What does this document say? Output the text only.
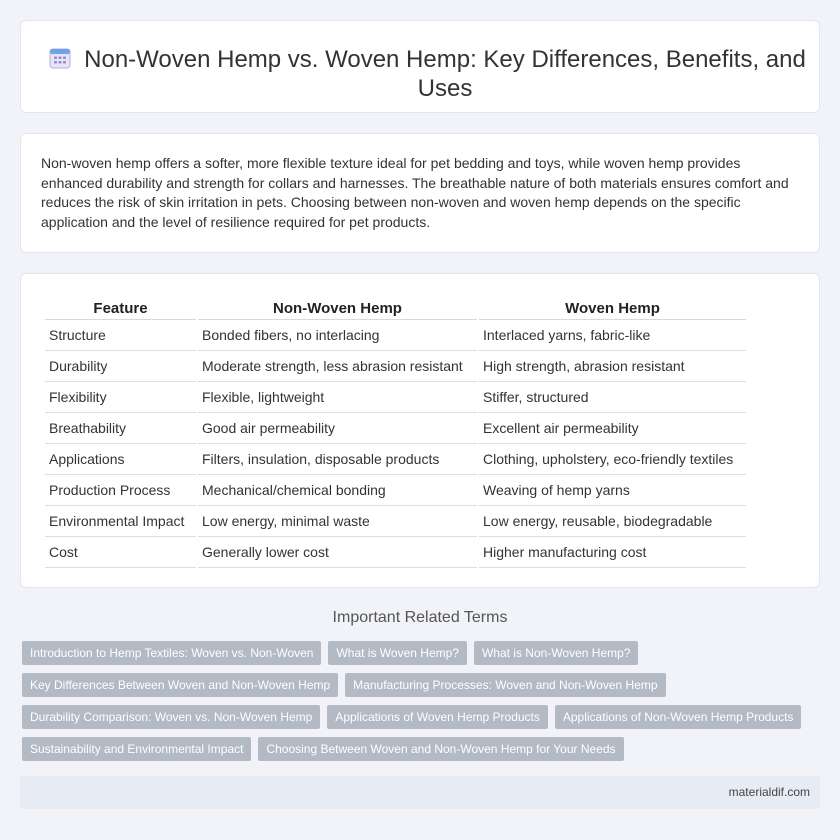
Non-Woven Hemp vs. Woven Hemp: Key Differences, Benefits, and Uses

Non-woven hemp offers a softer, more flexible texture ideal for pet bedding and toys, while woven hemp provides enhanced durability and strength for collars and harnesses. The breathable nature of both materials ensures comfort and reduces the risk of skin irritation in pets. Choosing between non-woven and woven hemp depends on the specific application and the level of resilience required for pet products.

Feature	Non-Woven Hemp	Woven Hemp
Structure	Bonded fibers, no interlacing	Interlaced yarns, fabric-like
Durability	Moderate strength, less abrasion resistant	High strength, abrasion resistant
Flexibility	Flexible, lightweight	Stiffer, structured
Breathability	Good air permeability	Excellent air permeability
Applications	Filters, insulation, disposable products	Clothing, upholstery, eco-friendly textiles
Production Process	Mechanical/chemical bonding	Weaving of hemp yarns
Environmental Impact	Low energy, minimal waste	Low energy, reusable, biodegradable
Cost	Generally lower cost	Higher manufacturing cost
Important Related Terms
Introduction to Hemp Textiles: Woven vs. Non-Woven	What is Woven Hemp?	What is Non-Woven Hemp?
Key Differences Between Woven and Non-Woven Hemp	Manufacturing Processes: Woven and Non-Woven Hemp
Durability Comparison: Woven vs. Non-Woven Hemp	Applications of Woven Hemp Products	Applications of Non-Woven Hemp Products
Sustainability and Environmental Impact	Choosing Between Woven and Non-Woven Hemp for Your Needs
materialdif.com
